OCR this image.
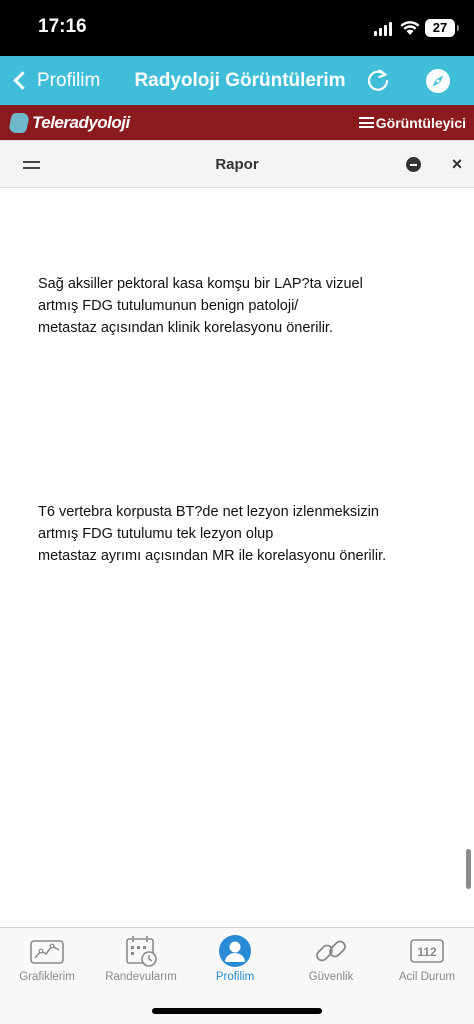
17:16	27
Profilim	Radyoloji Görüntülerim
Teleradyoloji	Görüntüleyici
Rapor	×
Sağ aksiller pektoral kasa komşu bir LAP?ta vizuel
artmış FDG tutulumunun benign patoloji/
metastaz açısından klinik korelasyonu önerilir.
T6 vertebra korpusta BT?de net lezyon izlenmeksizin
artmış FDG tutulumu tek lezyon olup
metastaz ayrımı açısından MR ile korelasyonu önerilir.
Grafiklerim	Randevularım	Profilim	Güvenlik
112
Acil Durum
